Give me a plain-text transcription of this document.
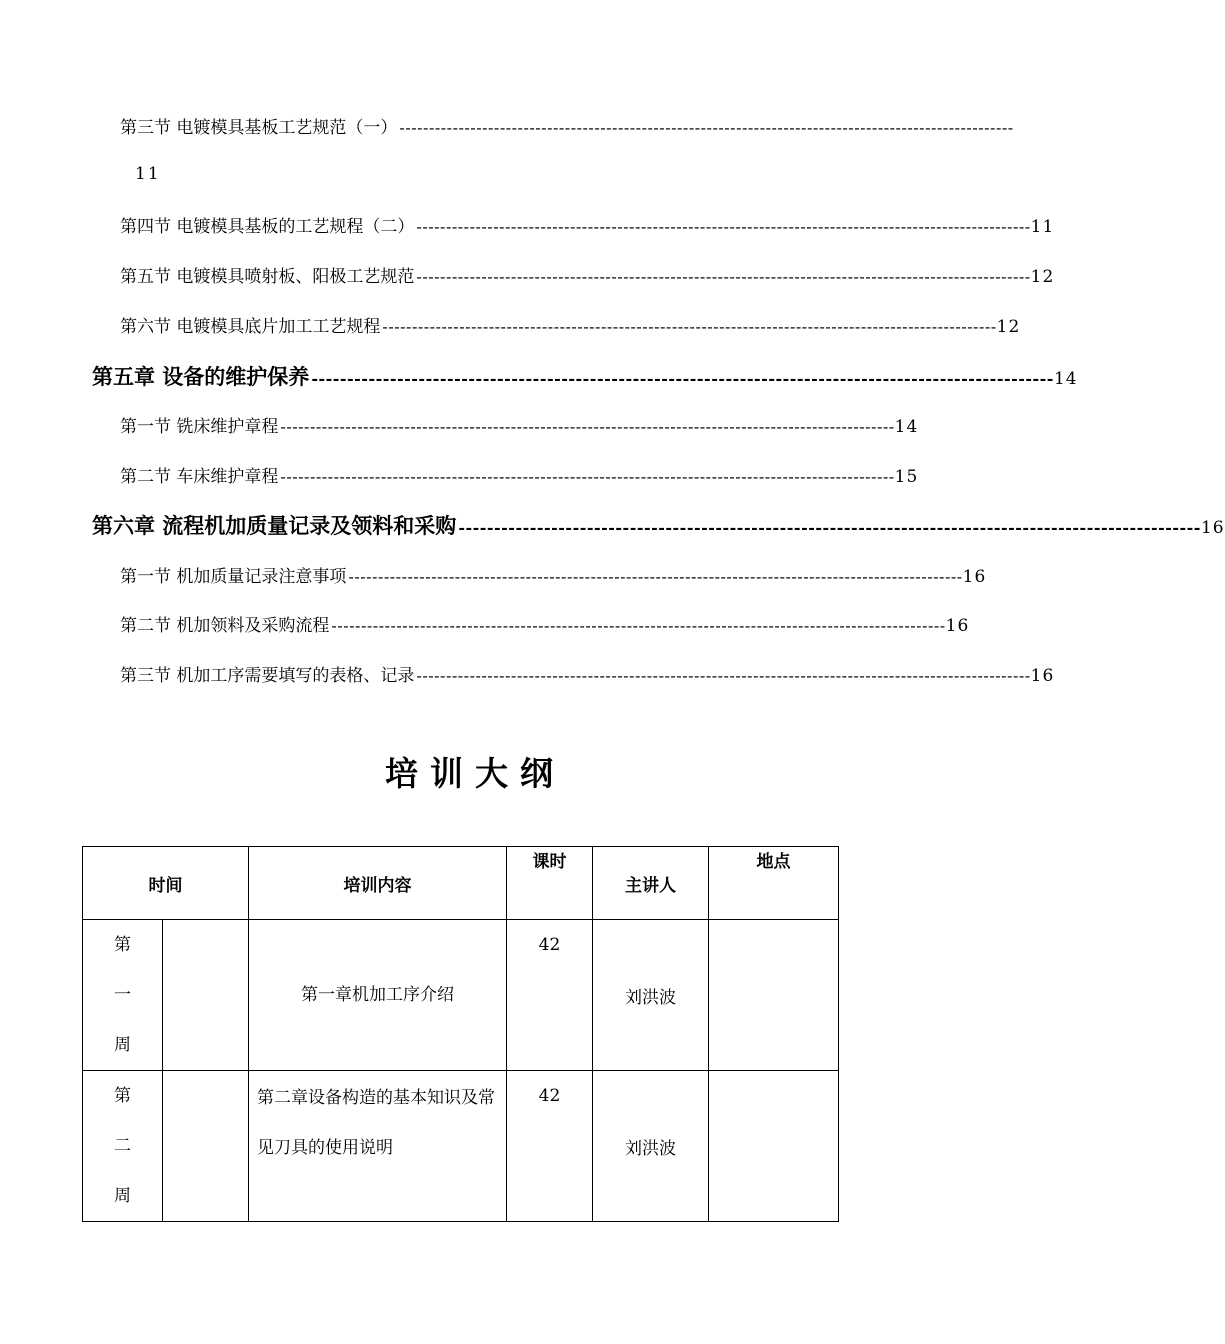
第三节 电镀模具基板工艺规范（一） --------------------------------------------------------------------------------------------------------
11
第四节 电镀模具基板的工艺规程（二） -------------------------------------------------------------------------------------------------------- 11
第五节 电镀模具喷射板、阳极工艺规范 -------------------------------------------------------------------------------------------------------- 12
第六节 电镀模具底片加工工艺规程 -------------------------------------------------------------------------------------------------------- 12
第五章 设备的维护保养 -------------------------------------------------------------------------------------------------------- 14
第一节 铣床维护章程 -------------------------------------------------------------------------------------------------------- 14
第二节 车床维护章程 -------------------------------------------------------------------------------------------------------- 15
第六章 流程机加质量记录及领料和采购 -------------------------------------------------------------------------------------------------------- 16
第一节 机加质量记录注意事项 -------------------------------------------------------------------------------------------------------- 16
第二节 机加领料及采购流程 -------------------------------------------------------------------------------------------------------- 16
第三节 机加工序需要填写的表格、记录 -------------------------------------------------------------------------------------------------------- 16
培训大纲
时间		培训内容	课时	主讲人	地点

第
一
周		第一章机加工序介绍	42	刘洪波	

第
二
周		第二章设备构造的基本知识及常见刀具的使用说明	42	刘洪波	
